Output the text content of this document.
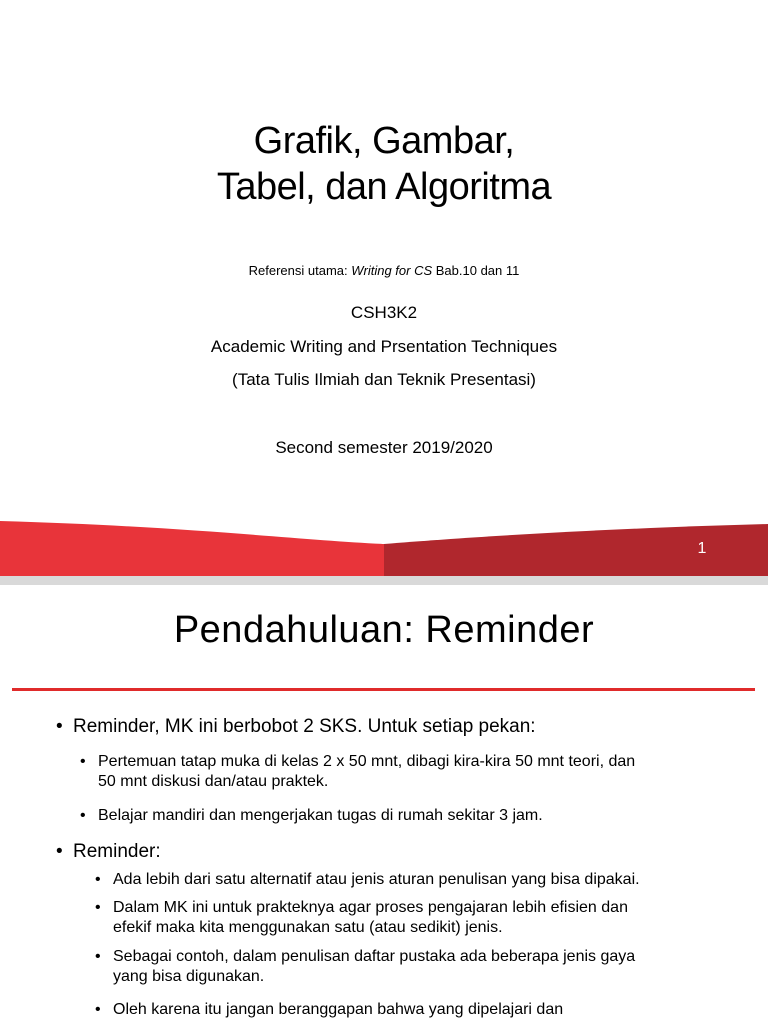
Grafik, Gambar,
Tabel, dan Algoritma
Referensi utama: Writing for CS Bab.10 dan 11
CSH3K2
Academic Writing and Prsentation Techniques
(Tata Tulis Ilmiah dan Teknik Presentasi)
Second semester 2019/2020
1
Pendahuluan: Reminder
• Reminder, MK ini berbobot 2 SKS. Untuk setiap pekan:
• Pertemuan tatap muka di kelas 2 x 50 mnt, dibagi kira-kira 50 mnt teori, dan
50 mnt diskusi dan/atau praktek.
• Belajar mandiri dan mengerjakan tugas di rumah sekitar 3 jam.
• Reminder:
• Ada lebih dari satu alternatif atau jenis aturan penulisan yang bisa dipakai.
• Dalam MK ini untuk prakteknya agar proses pengajaran lebih efisien dan
efekif maka kita menggunakan satu (atau sedikit) jenis.
• Sebagai contoh, dalam penulisan daftar pustaka ada beberapa jenis gaya
yang bisa digunakan.
• Oleh karena itu jangan beranggapan bahwa yang dipelajari dan
